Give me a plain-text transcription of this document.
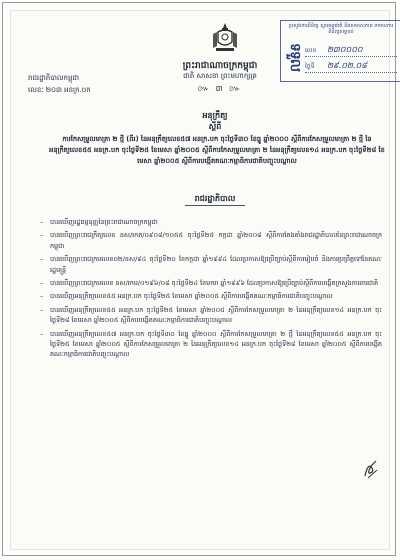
ប្រសួងការពិនិត្យ ស្តារធម្មជាតិ និងសមាសភាព ទាមានការពិនិត្យសម្គាល់
ទទួល លេខ ២៣០០០០
ថ្ងៃទី ២៩.០២.០៨
ព្រះរាជាណាចក្រកម្ពុជា
ជាតិ សាសនា ព្រះមហាក្សត្រ
៚ ៣ ៚
រាជរដ្ឋាភិបាលកម្ពុជា
លេខៈ ២០៣ អនក្រ.បក
អនុក្រឹត្យ
ស្តីពី
ការកែសម្រួលមាត្រា ២ ថ្មី (ពីរ) នៃអនុក្រឹត្យលេខ៥៧ អនក្រ.បក ចុះថ្ងៃទី៣០ ខែធ្នូ ឆ្នាំ២០០០ ស្តីពីការកែសម្រួលមាត្រា ២ ថ្មី នៃអនុក្រឹត្យលេខ៥៥ អនក្រ.បក ចុះថ្ងៃទី២៥ ខែមេសា ឆ្នាំ២០០៥ ស្តីពីការកែសម្រួលមាត្រា ២ នៃអនុក្រឹត្យលេខ១៤ អនក្រ.បក ចុះថ្ងៃទី២៨ ខែមេសា ឆ្នាំ២០០៥ ស្តីពីការបង្កើតគណៈកម្មាធិការជាតិបញ្ចុះបណ្តាល
រាជរដ្ឋាភិបាល
– បានឃើញរដ្ឋធម្មនុញ្ញនៃព្រះរាជាណាចក្រកម្ពុជា
– បានឃើញព្រះរាជក្រឹត្យលេខ នស/រកត/០៩០៨/១០៥៥ ចុះថ្ងៃទី២៥ កក្កដា ឆ្នាំ២០០៨ ស្តីពីការតែងតាំងរាជរដ្ឋាភិបាលនៃព្រះរាជាណាចក្រកម្ពុជា
– បានឃើញព្រះរាជក្រមលេខ០២/នស/៩៤ ចុះថ្ងៃទី២០ ខែកក្កដា ឆ្នាំ១៩៩៤ ដែលប្រកាសឱ្យប្រើច្បាប់ស្តីពីការរៀបចំ និងការប្រព្រឹត្តទៅនៃគណៈរដ្ឋមន្ត្រី
– បានឃើញព្រះរាជក្រមលេខ នស/រកម/០១៩៦/០៨ ចុះថ្ងៃទី២៤ ខែមករា ឆ្នាំ១៩៩៦ ដែលប្រកាសឱ្យប្រើច្បាប់ស្តីពីការបង្កើតក្រសួងការពារជាតិ
– បានឃើញអនុក្រឹត្យលេខ៥៥ អនក្រ.បក ចុះថ្ងៃទី២៥ ខែមេសា ឆ្នាំ២០០៥ ស្តីពីការបង្កើតគណៈកម្មាធិការជាតិបញ្ចុះបណ្តាល
– បានឃើញអនុក្រឹត្យលេខ៥៥ អនក្រ.បក ចុះថ្ងៃទី២៥ ខែមេសា ឆ្នាំ២០០៥ ស្តីពីការកែសម្រួលមាត្រា ២ នៃអនុក្រឹត្យលេខ១៤ អនក្រ.បក ចុះថ្ងៃទី២៨ ខែមេសា ឆ្នាំ២០០៥ ស្តីពីការបង្កើតគណៈកម្មាធិការជាតិបញ្ចុះបណ្តាល
– បានឃើញអនុក្រឹត្យលេខ៥៧ អនក្រ.បក ចុះថ្ងៃទី៣០ ខែធ្នូ ឆ្នាំ២០០០ ស្តីពីការកែសម្រួលមាត្រា ២ ថ្មី នៃអនុក្រឹត្យលេខ៥៥ អនក្រ.បក ចុះថ្ងៃទី២៥ ខែមេសា ឆ្នាំ២០០៥ ស្តីពីការកែសម្រួលមាត្រា ២ នៃអនុក្រឹត្យលេខ១៤ អនក្រ.បក ចុះថ្ងៃទី២៨ ខែមេសា ឆ្នាំ២០០៥ ស្តីពីការបង្កើតគណៈកម្មាធិការជាតិបញ្ចុះបណ្តាល
